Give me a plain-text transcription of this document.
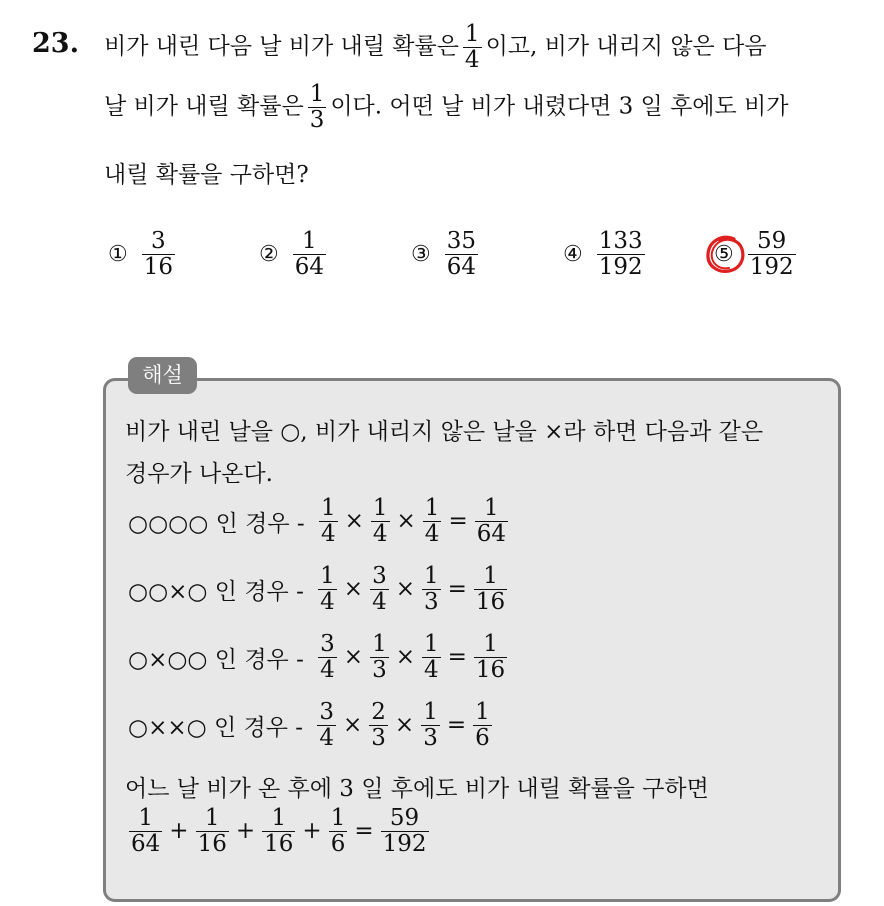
23. 비가 내린 다음 날 비가 내릴 확률은 $\frac{1}{4}$ 이고, 비가 내리지 않은 다음
날 비가 내릴 확률은 $\frac{1}{3}$ 이다. 어떤 날 비가 내렸다면 3 일 후에도 비가
내릴 확률을 구하면?
① $\frac{3}{16}$	② $\frac{1}{64}$	③ $\frac{35}{64}$	④ $\frac{133}{192}$	⑤ $\frac{59}{192}$
해설
비가 내린 날을 ○, 비가 내리지 않은 날을 ×라 하면 다음과 같은
경우가 나온다.
○○○○ 인 경우 - $\frac{1}{4} \times \frac{1}{4} \times \frac{1}{4} = \frac{1}{64}$
○○×○ 인 경우 - $\frac{1}{4} \times \frac{3}{4} \times \frac{1}{3} = \frac{1}{16}$
○×○○ 인 경우 - $\frac{3}{4} \times \frac{1}{3} \times \frac{1}{4} = \frac{1}{16}$
○××○ 인 경우 - $\frac{3}{4} \times \frac{2}{3} \times \frac{1}{3} = \frac{1}{6}$
어느 날 비가 온 후에 3 일 후에도 비가 내릴 확률을 구하면
$\frac{1}{64} + \frac{1}{16} + \frac{1}{16} + \frac{1}{6} = \frac{59}{192}$
